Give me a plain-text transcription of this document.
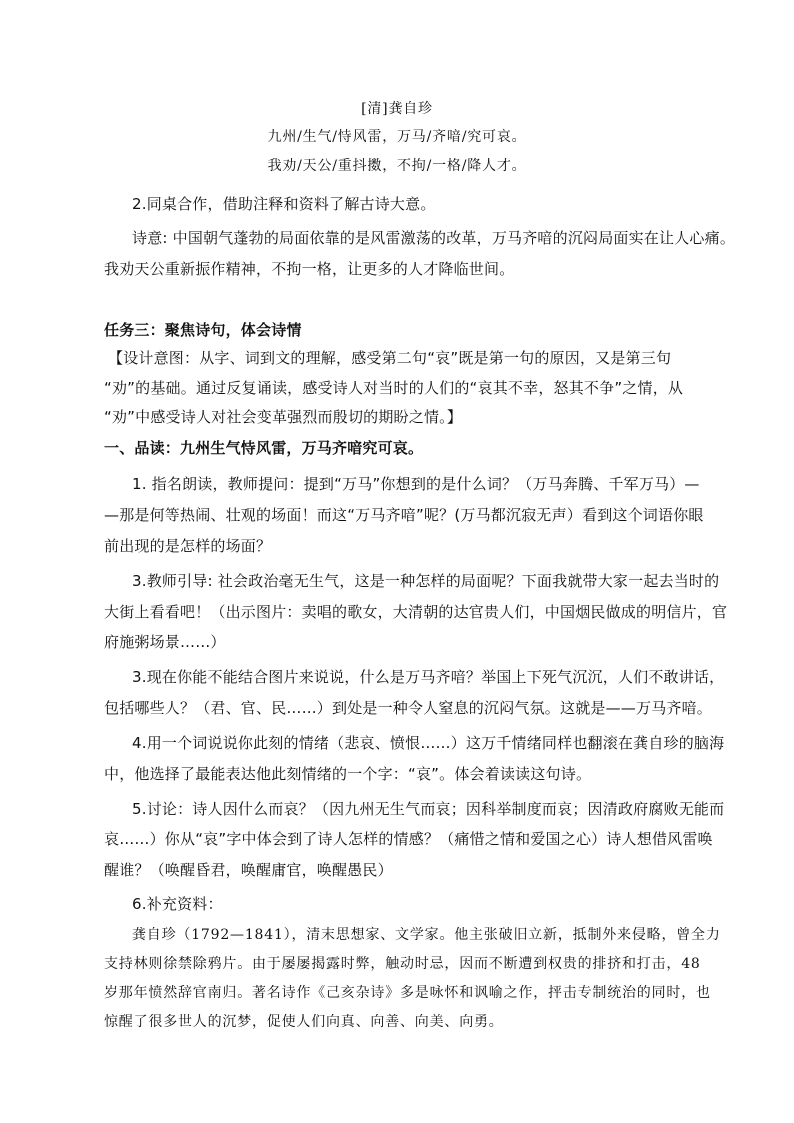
[清]龚自珍
九州/生气/恃风雷，万马/齐喑/究可哀。
我劝/天公/重抖擞，不拘/一格/降人才。
2.同桌合作，借助注释和资料了解古诗大意。
诗意: 中国朝气蓬勃的局面依靠的是风雷激荡的改革，万马齐喑的沉闷局面实在让人心痛。
我劝天公重新振作精神，不拘一格，让更多的人才降临世间。
任务三：聚焦诗句，体会诗情
【设计意图：从字、词到文的理解，感受第二句“哀”既是第一句的原因，又是第三句
“劝”的基础。通过反复诵读，感受诗人对当时的人们的“哀其不幸，怒其不争”之情，从
“劝”中感受诗人对社会变革强烈而殷切的期盼之情。】
一、品读：九州生气恃风雷，万马齐喑究可哀。
1. 指名朗读，教师提问：提到“万马”你想到的是什么词？（万马奔腾、千军万马）—
—那是何等热闹、壮观的场面！而这“万马齐喑”呢？(万马都沉寂无声）看到这个词语你眼
前出现的是怎样的场面？
3.教师引导: 社会政治毫无生气，这是一种怎样的局面呢？下面我就带大家一起去当时的
大街上看看吧！（出示图片：卖唱的歌女，大清朝的达官贵人们，中国烟民做成的明信片，官
府施粥场景……）
3.现在你能不能结合图片来说说，什么是万马齐喑？举国上下死气沉沉，人们不敢讲话，
包括哪些人？（君、官、民……）到处是一种令人窒息的沉闷气氛。这就是——万马齐喑。
4.用一个词说说你此刻的情绪（悲哀、愤恨……）这万千情绪同样也翻滚在龚自珍的脑海
中，他选择了最能表达他此刻情绪的一个字：“哀”。体会着读读这句诗。
5.讨论：诗人因什么而哀？（因九州无生气而哀；因科举制度而哀；因清政府腐败无能而
哀……）你从“哀”字中体会到了诗人怎样的情感？（痛惜之情和爱国之心）诗人想借风雷唤
醒谁？（唤醒昏君，唤醒庸官，唤醒愚民）
6.补充资料：
龚自珍（1792—1841），清末思想家、文学家。他主张破旧立新，抵制外来侵略，曾全力
支持林则徐禁除鸦片。由于屡屡揭露时弊，触动时忌，因而不断遭到权贵的排挤和打击，48
岁那年愤然辞官南归。著名诗作《己亥杂诗》多是咏怀和讽喻之作，抨击专制统治的同时，也
惊醒了很多世人的沉梦，促使人们向真、向善、向美、向勇。
